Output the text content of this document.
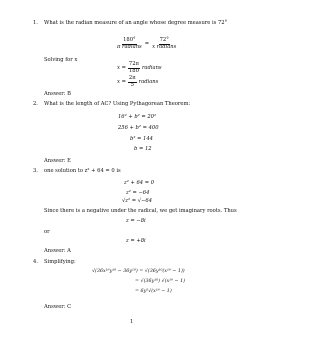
1. What is the radian measure of an angle whose degree measure is 72°
$\frac{180^\circ}{\text{π radians}} = \frac{72^\circ}{\text{x radians}}$
Solving for x
$x = \frac{72\pi}{180}$ radians
$x = \frac{2\pi}{5}$ radians
Answer: B
2. What is the length of AC? Using Pythagorean Theorem:
16² + b² = 20²
256 + b² = 400
b² = 144
b = 12
Answer: E
3. one solution to z² + 64 = 0 is
z² + 64 = 0
z² = −64
√z² = √−64
Since there is a negative under the radical, we get imaginary roots. Thus
z = −8i
or
z = +8i
Answer: A
4. Simplifying:
√(36x¹⁶y¹⁰ − 36y¹⁰) = √(36y¹⁰(x¹⁶ − 1))
= √(36y¹⁰) √(x¹⁶ − 1)
= 6y⁵√(x¹⁶ − 1)
Answer: C
1
